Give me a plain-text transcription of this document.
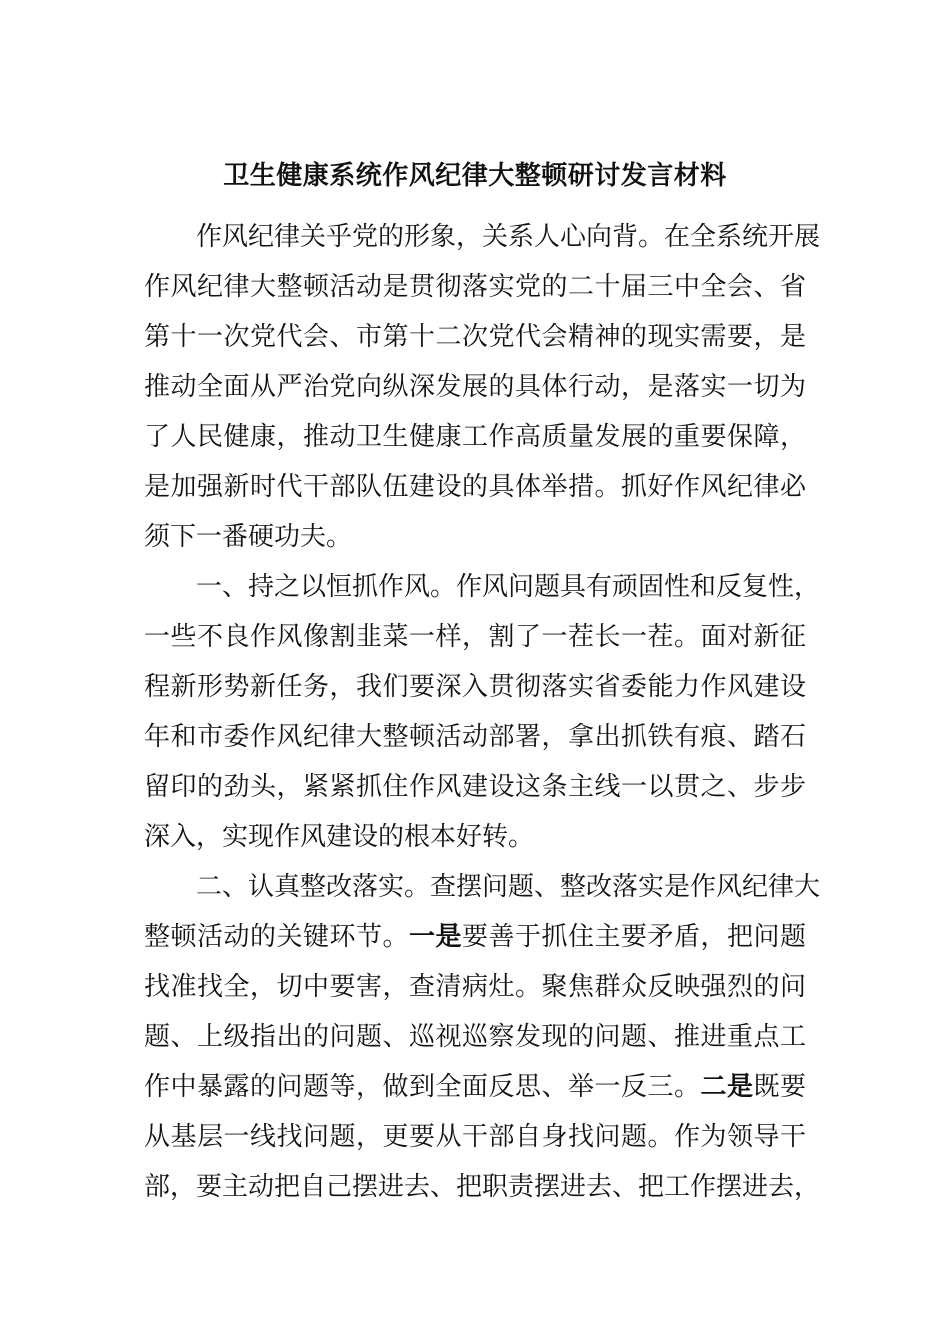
卫生健康系统作风纪律大整顿研讨发言材料
作风纪律关乎党的形象，关系人心向背。在全系统开展
作风纪律大整顿活动是贯彻落实党的二十届三中全会、省
第十一次党代会、市第十二次党代会精神的现实需要，是
推动全面从严治党向纵深发展的具体行动，是落实一切为
了人民健康，推动卫生健康工作高质量发展的重要保障，
是加强新时代干部队伍建设的具体举措。抓好作风纪律必
须下一番硬功夫。
一、持之以恒抓作风。作风问题具有顽固性和反复性，
一些不良作风像割韭菜一样，割了一茬长一茬。面对新征
程新形势新任务，我们要深入贯彻落实省委能力作风建设
年和市委作风纪律大整顿活动部署，拿出抓铁有痕、踏石
留印的劲头，紧紧抓住作风建设这条主线一以贯之、步步
深入，实现作风建设的根本好转。
二、认真整改落实。查摆问题、整改落实是作风纪律大
整顿活动的关键环节。一是要善于抓住主要矛盾，把问题
找准找全，切中要害，查清病灶。聚焦群众反映强烈的问
题、上级指出的问题、巡视巡察发现的问题、推进重点工
作中暴露的问题等，做到全面反思、举一反三。二是既要
从基层一线找问题，更要从干部自身找问题。作为领导干
部，要主动把自己摆进去、把职责摆进去、把工作摆进去，
